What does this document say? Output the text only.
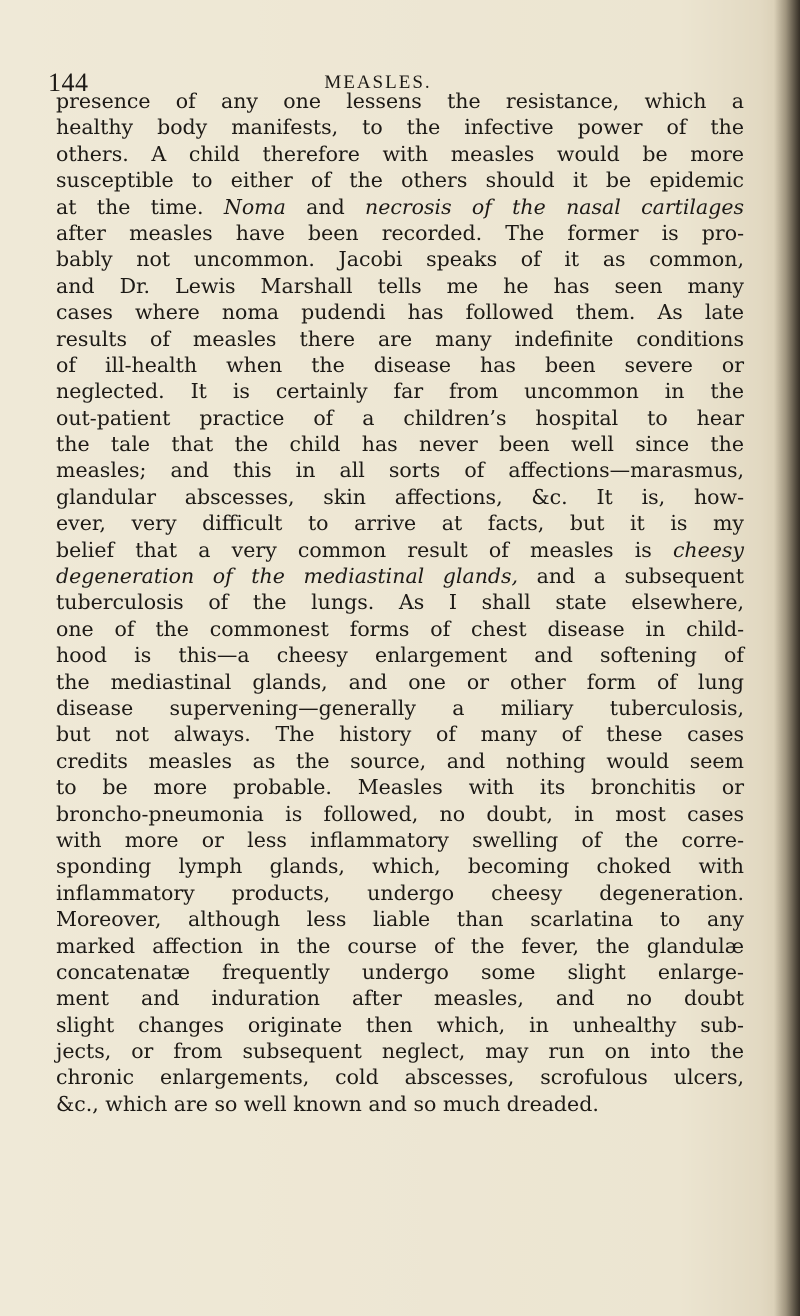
144	MEASLES.
presence of any one lessens the resistance, which a
healthy body manifests, to the infective power of the
others. A child therefore with measles would be more
susceptible to either of the others should it be epidemic
at the time. Noma and necrosis of the nasal cartilages
after measles have been recorded. The former is pro-
bably not uncommon. Jacobi speaks of it as common,
and Dr. Lewis Marshall tells me he has seen many
cases where noma pudendi has followed them. As late
results of measles there are many indefinite conditions
of ill-health when the disease has been severe or
neglected. It is certainly far from uncommon in the
out-patient practice of a children’s hospital to hear
the tale that the child has never been well since the
measles; and this in all sorts of affections—marasmus,
glandular abscesses, skin affections, &c. It is, how-
ever, very difficult to arrive at facts, but it is my
belief that a very common result of measles is cheesy
degeneration of the mediastinal glands, and a subsequent
tuberculosis of the lungs. As I shall state elsewhere,
one of the commonest forms of chest disease in child-
hood is this—a cheesy enlargement and softening of
the mediastinal glands, and one or other form of lung
disease supervening—generally a miliary tuberculosis,
but not always. The history of many of these cases
credits measles as the source, and nothing would seem
to be more probable. Measles with its bronchitis or
broncho-pneumonia is followed, no doubt, in most cases
with more or less inflammatory swelling of the corre-
sponding lymph glands, which, becoming choked with
inflammatory products, undergo cheesy degeneration.
Moreover, although less liable than scarlatina to any
marked affection in the course of the fever, the glandulæ
concatenatæ frequently undergo some slight enlarge-
ment and induration after measles, and no doubt
slight changes originate then which, in unhealthy sub-
jects, or from subsequent neglect, may run on into the
chronic enlargements, cold abscesses, scrofulous ulcers,
&c., which are so well known and so much dreaded.
